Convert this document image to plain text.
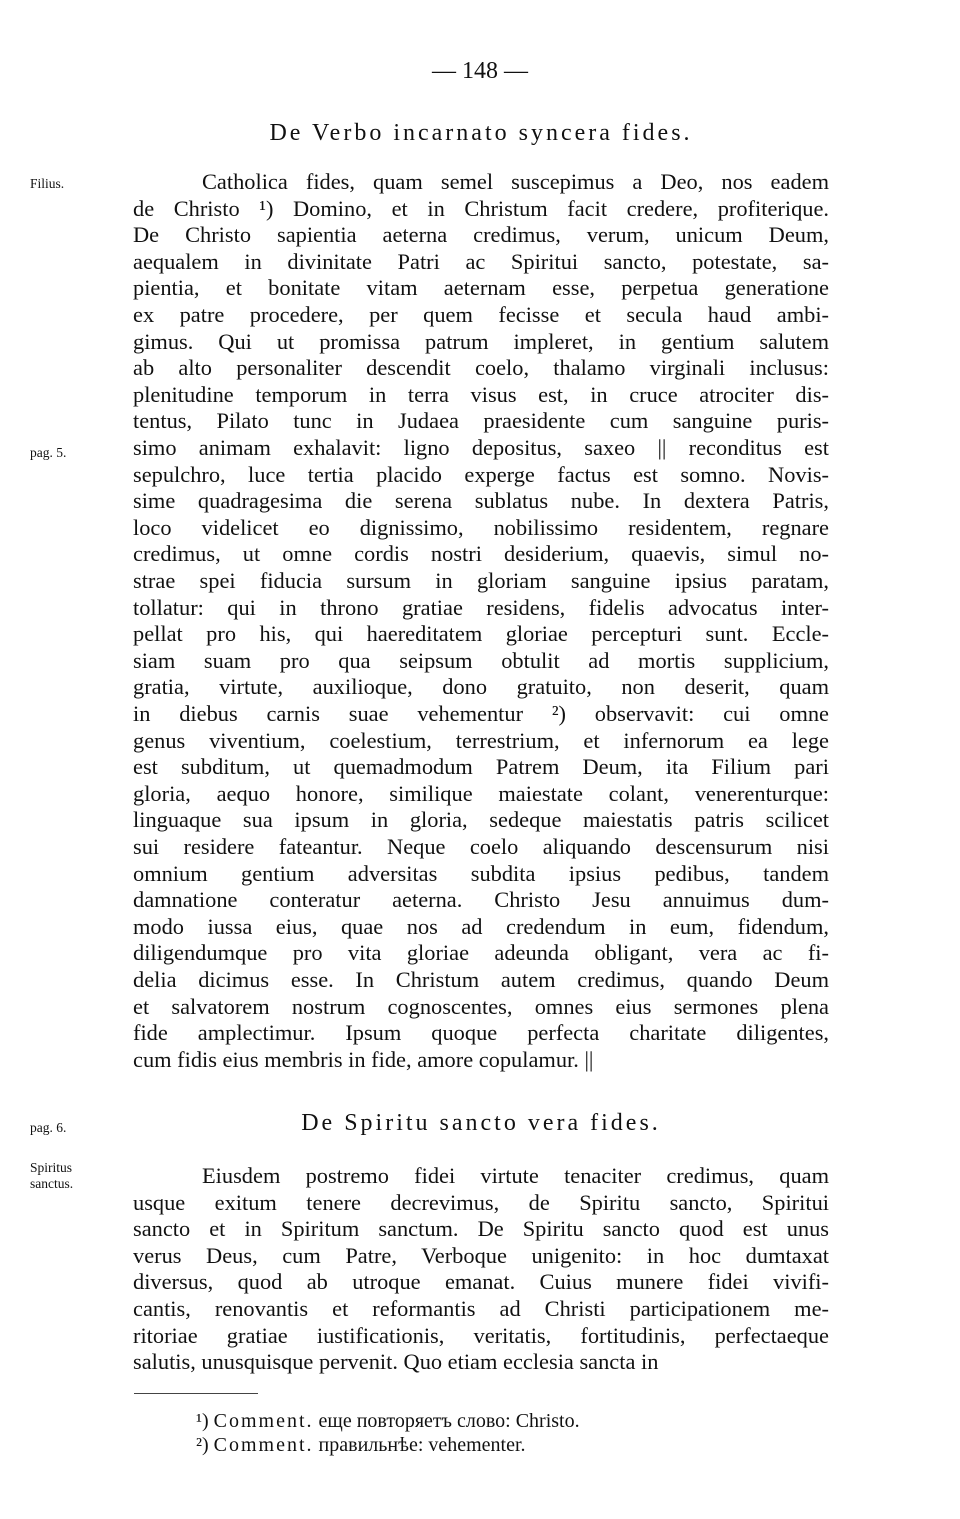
— 148 —
De Verbo incarnato syncera fides.
Filius.
pag. 5.
pag. 6.
Spiritus sanctus.
Catholica fides, quam semel suscepimus a Deo, nos eadem
de Christo ¹) Domino, et in Christum facit credere, profiterique.
De Christo sapientia aeterna credimus, verum, unicum Deum,
aequalem in divinitate Patri ac Spiritui sancto, potestate, sa-
pientia, et bonitate vitam aeternam esse, perpetua generatione
ex patre procedere, per quem fecisse et secula haud ambi-
gimus. Qui ut promissa patrum impleret, in gentium salutem
ab alto personaliter descendit coelo, thalamo virginali inclusus:
plenitudine temporum in terra visus est, in cruce atrociter dis-
tentus, Pilato tunc in Judaea praesidente cum sanguine puris-
simo animam exhalavit: ligno depositus, saxeo || reconditus est
sepulchro, luce tertia placido experge factus est somno. Novis-
sime quadragesima die serena sublatus nube. In dextera Patris,
loco videlicet eo dignissimo, nobilissimo residentem, regnare
credimus, ut omne cordis nostri desiderium, quaevis, simul no-
strae spei fiducia sursum in gloriam sanguine ipsius paratam,
tollatur: qui in throno gratiae residens, fidelis advocatus inter-
pellat pro his, qui haereditatem gloriae percepturi sunt. Eccle-
siam suam pro qua seipsum obtulit ad mortis supplicium,
gratia, virtute, auxilioque, dono gratuito, non deserit, quam
in diebus carnis suae vehementur ²) observavit: cui omne
genus viventium, coelestium, terrestrium, et infernorum ea lege
est subditum, ut quemadmodum Patrem Deum, ita Filium pari
gloria, aequo honore, similique maiestate colant, venerenturque:
linguaque sua ipsum in gloria, sedeque maiestatis patris scilicet
sui residere fateantur. Neque coelo aliquando descensurum nisi
omnium gentium adversitas subdita ipsius pedibus, tandem
damnatione conteratur aeterna. Christo Jesu annuimus dum-
modo iussa eius, quae nos ad credendum in eum, fidendum,
diligendumque pro vita gloriae adeunda obligant, vera ac fi-
delia dicimus esse. In Christum autem credimus, quando Deum
et salvatorem nostrum cognoscentes, omnes eius sermones plena
fide amplectimur. Ipsum quoque perfecta charitate diligentes,
cum fidis eius membris in fide, amore copulamur. ||
De Spiritu sancto vera fides.
Eiusdem postremo fidei virtute tenaciter credimus, quam
usque exitum tenere decrevimus, de Spiritu sancto, Spiritui
sancto et in Spiritum sanctum. De Spiritu sancto quod est unus
verus Deus, cum Patre, Verboque unigenito: in hoc dumtaxat
diversus, quod ab utroque emanat. Cuius munere fidei vivifi-
cantis, renovantis et reformantis ad Christi participationem me-
ritoriae gratiae iustificationis, veritatis, fortitudinis, perfectaeque
salutis, unusquisque pervenit. Quo etiam ecclesia sancta in
¹) Comment. еще повторяетъ слово: Christo.
²) Comment. правильнѣе: vehementer.
